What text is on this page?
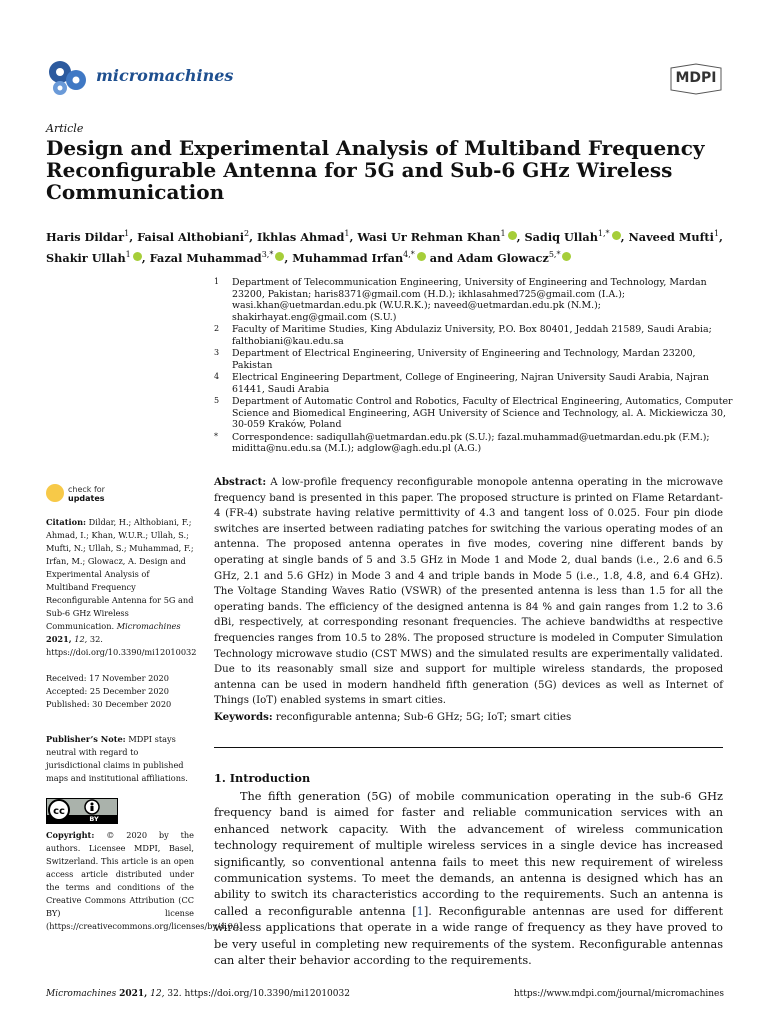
micromachines	MDPI
Article
Design and Experimental Analysis of Multiband Frequency Reconfigurable Antenna for 5G and Sub-6 GHz Wireless Communication
Haris Dildar$^1$, Faisal Althobiani$^2$, Ikhlas Ahmad$^1$, Wasi Ur Rehman Khan$^1$ , Sadiq Ullah$^{1,*}$ , Naveed Mufti$^1$, Shakir Ullah$^1$ , Fazal Muhammad$^{3,*}$ , Muhammad Irfan$^{4,*}$ and Adam Glowacz$^{5,*}$
1 Department of Telecommunication Engineering, University of Engineering and Technology, Mardan 23200, Pakistan; haris8371@gmail.com (H.D.); ikhlasahmed725@gmail.com (I.A.); wasi.khan@uetmardan.edu.pk (W.U.R.K.); naveed@uetmardan.edu.pk (N.M.); shakirhayat.eng@gmail.com (S.U.)
2 Faculty of Maritime Studies, King Abdulaziz University, P.O. Box 80401, Jeddah 21589, Saudi Arabia; falthobiani@kau.edu.sa
3 Department of Electrical Engineering, University of Engineering and Technology, Mardan 23200, Pakistan
4 Electrical Engineering Department, College of Engineering, Najran University Saudi Arabia, Najran 61441, Saudi Arabia
5 Department of Automatic Control and Robotics, Faculty of Electrical Engineering, Automatics, Computer Science and Biomedical Engineering, AGH University of Science and Technology, al. A. Mickiewicza 30, 30-059 Kraków, Poland
* Correspondence: sadiqullah@uetmardan.edu.pk (S.U.); fazal.muhammad@uetmardan.edu.pk (F.M.); miditta@nu.edu.sa (M.I.); adglow@agh.edu.pl (A.G.)
check for
updates
Citation: Dildar, H.; Althobiani, F.; Ahmad, I.; Khan, W.U.R.; Ullah, S.; Mufti, N.; Ullah, S.; Muhammad, F.; Irfan, M.; Glowacz, A. Design and Experimental Analysis of Multiband Frequency Reconfigurable Antenna for 5G and Sub-6 GHz Wireless Communication. Micromachines 2021, 12, 32. https://doi.org/10.3390/mi12010032
Received: 17 November 2020
Accepted: 25 December 2020
Published: 30 December 2020
Publisher’s Note: MDPI stays neutral with regard to jurisdictional claims in published maps and institutional affiliations.
cc
BY
Copyright: © 2020 by the authors. Licensee MDPI, Basel, Switzerland. This article is an open access article distributed under the terms and conditions of the Creative Commons Attribution (CC BY) license (https://creativecommons.org/licenses/by/4.0/).
Abstract: A low-profile frequency reconfigurable monopole antenna operating in the microwave frequency band is presented in this paper. The proposed structure is printed on Flame Retardant-4 (FR-4) substrate having relative permittivity of 4.3 and tangent loss of 0.025. Four pin diode switches are inserted between radiating patches for switching the various operating modes of an antenna. The proposed antenna operates in five modes, covering nine different bands by operating at single bands of 5 and 3.5 GHz in Mode 1 and Mode 2, dual bands (i.e., 2.6 and 6.5 GHz, 2.1 and 5.6 GHz) in Mode 3 and 4 and triple bands in Mode 5 (i.e., 1.8, 4.8, and 6.4 GHz). The Voltage Standing Waves Ratio (VSWR) of the presented antenna is less than 1.5 for all the operating bands. The efficiency of the designed antenna is 84 % and gain ranges from 1.2 to 3.6 dBi, respectively, at corresponding resonant frequencies. The achieve bandwidths at respective frequencies ranges from 10.5 to 28%. The proposed structure is modeled in Computer Simulation Technology microwave studio (CST MWS) and the simulated results are experimentally validated. Due to its reasonably small size and support for multiple wireless standards, the proposed antenna can be used in modern handheld fifth generation (5G) devices as well as Internet of Things (IoT) enabled systems in smart cities.
Keywords: reconfigurable antenna; Sub-6 GHz; 5G; IoT; smart cities
1. Introduction
The fifth generation (5G) of mobile communication operating in the sub-6 GHz frequency band is aimed for faster and reliable communication services with an enhanced network capacity. With the advancement of wireless communication technology requirement of multiple wireless services in a single device has increased significantly, so conventional antenna fails to meet this new requirement of wireless communication systems. To meet the demands, an antenna is designed which has an ability to switch its characteristics according to the requirements. Such an antenna is called a reconfigurable antenna [1]. Reconfigurable antennas are used for different wireless applications that operate in a wide range of frequency as they have proved to be very useful in completing new requirements of the system. Reconfigurable antennas can alter their behavior according to the requirements.
Micromachines 2021, 12, 32. https://doi.org/10.3390/mi12010032	https://www.mdpi.com/journal/micromachines
